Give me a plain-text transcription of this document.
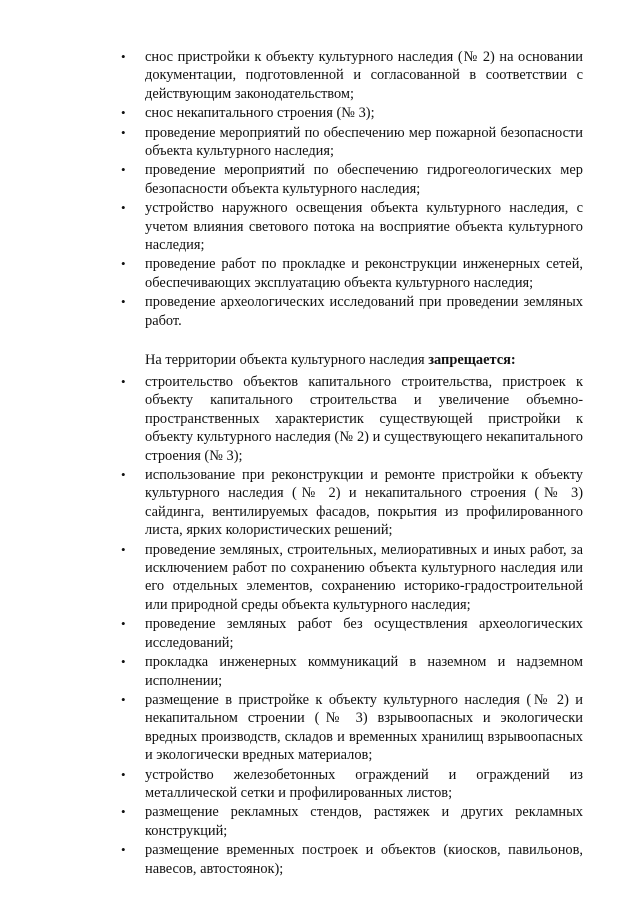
• снос пристройки к объекту культурного наследия (№ 2) на основании документации, подготовленной и согласованной в соответствии с действующим законодательством;
• снос некапитального строения (№ 3);
• проведение мероприятий по обеспечению мер пожарной безопасности объекта культурного наследия;
• проведение мероприятий по обеспечению гидрогеологических мер безопасности объекта культурного наследия;
• устройство наружного освещения объекта культурного наследия, с учетом влияния светового потока на восприятие объекта культурного наследия;
• проведение работ по прокладке и реконструкции инженерных сетей, обеспечивающих эксплуатацию объекта культурного наследия;
• проведение археологических исследований при проведении земляных работ.

На территории объекта культурного наследия запрещается:

• строительство объектов капитального строительства, пристроек к объекту капитального строительства и увеличение объемно-пространственных характеристик существующей пристройки к объекту культурного наследия (№ 2) и существующего некапитального строения (№ 3);
• использование при реконструкции и ремонте пристройки к объекту культурного наследия (№ 2) и некапитального строения (№ 3) сайдинга, вентилируемых фасадов, покрытия из профилированного листа, ярких колористических решений;
• проведение земляных, строительных, мелиоративных и иных работ, за исключением работ по сохранению объекта культурного наследия или его отдельных элементов, сохранению историко-градостроительной или природной среды объекта культурного наследия;
• проведение земляных работ без осуществления археологических исследований;
• прокладка инженерных коммуникаций в наземном и надземном исполнении;
• размещение в пристройке к объекту культурного наследия (№ 2) и некапитальном строении (№ 3) взрывоопасных и экологически вредных производств, складов и временных хранилищ взрывоопасных и экологически вредных материалов;
• устройство железобетонных ограждений и ограждений из металлической сетки и профилированных листов;
• размещение рекламных стендов, растяжек и других рекламных конструкций;
• размещение временных построек и объектов (киосков, павильонов, навесов, автостоянок);
